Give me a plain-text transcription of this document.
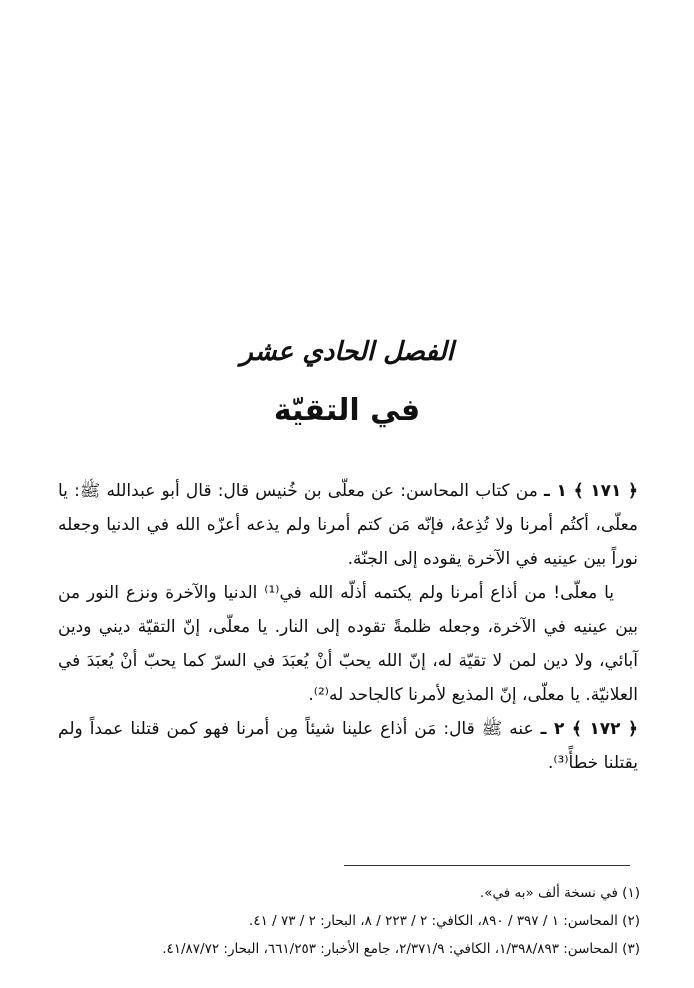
الفصل الحادي عشر
في التقيّة

﴿ ١٧١ ﴾ ١ ـ من كتاب المحاسن: عن معلّى بن خُنيس قال: قال أبو عبدالله ﷺ: يا معلّى، أكتُم أمرنا ولا تُذِعهُ، فإنّه مَن كتم أمرنا ولم يذعه أعزّه الله في الدنيا وجعله نوراً بين عينيه في الآخرة يقوده إلى الجنّة.

يا معلّى! من أذاع أمرنا ولم يكتمه أذلّه الله في⁽¹⁾ الدنيا والآخرة ونزع النور من بين عينيه في الآخرة، وجعله ظلمةً تقوده إلى النار. يا معلّى، إنّ التقيّة ديني ودين آبائي، ولا دين لمن لا تقيّة له، إنّ الله يحبّ أنْ يُعبَدَ في السرّ كما يحبّ أنْ يُعبَدَ في العلانيّة. يا معلّى، إنّ المذيع لأمرنا كالجاحد له⁽²⁾.

﴿ ١٧٢ ﴾ ٢ ـ عنه ﷺ قال: مَن أذاع علينا شيئاً مِن أمرنا فهو كمن قتلنا عمداً ولم يقتلنا خطأً⁽³⁾.

(١) في نسخة ألف «به في».

(٢) المحاسن: ١ / ٣٩٧ / ٨٩٠، الكافي: ٢ / ٢٢٣ / ٨، البحار: ٢ / ٧٣ / ٤١.

(٣) المحاسن: ١/٣٩٨/٨٩٣، الكافي: ٢/٣٧١/٩، جامع الأخبار: ٦٦١/٢٥٣، البحار: ٤١/٨٧/٧٢.
